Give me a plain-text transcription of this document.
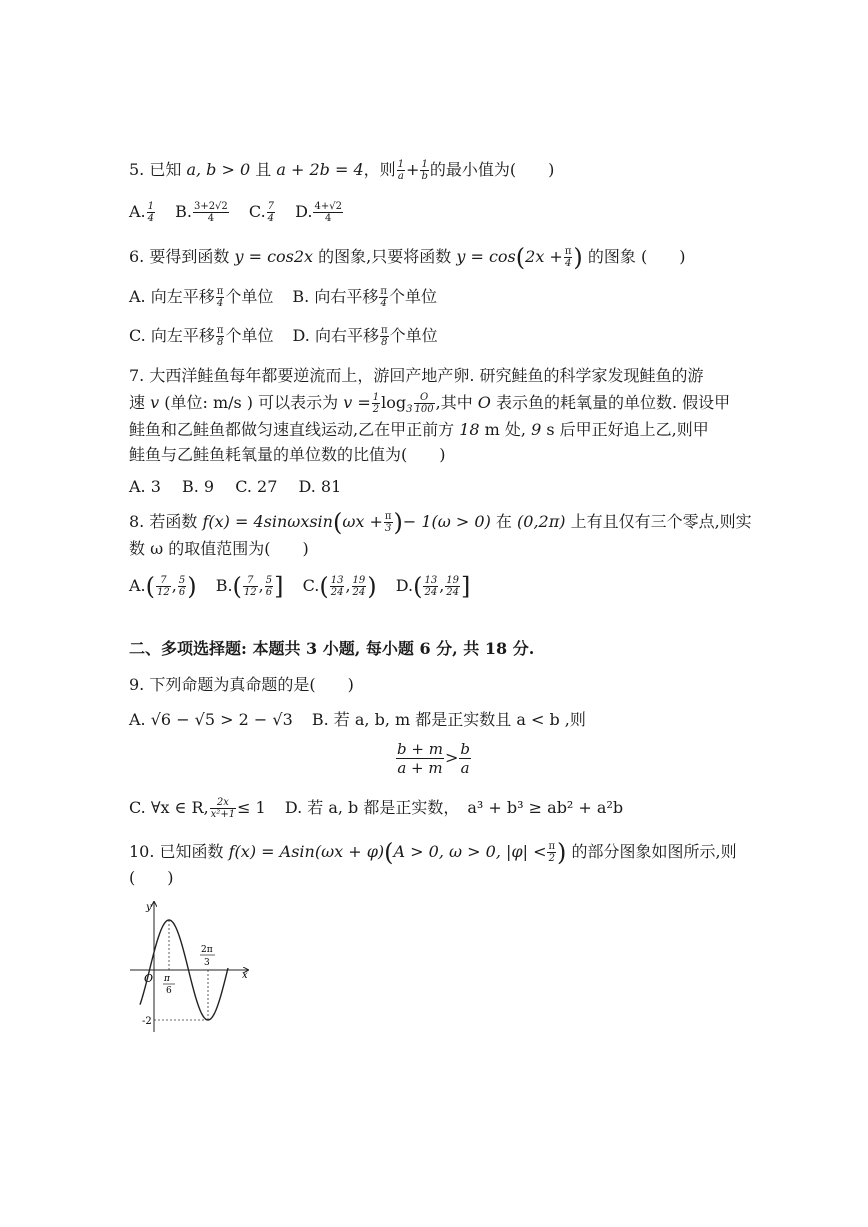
5. 已知 a, b > 0 且 a + 2b = 4，则 $\frac{1}{a} + \frac{1}{b}$ 的最小值为(　　)
A. $\frac{1}{4} B$. $\frac{3+2√2}{4} C$. $\frac{7}{4} D$. $\frac{4+√2}{4}$
6. 要得到函数 y = cos2x 的图象,只要将函数 $y = \cos(2x + \frac{\pi}{4}$ ) 的图象 (　　)
A. 向左平移 $\frac{\pi}{4}$ 个单位 B. 向右平移 $\frac{\pi}{4}$ 个单位
C. 向左平移 $\frac{\pi}{8}$ 个单位 D. 向右平移 $\frac{\pi}{8}$ 个单位
7. 大西洋鲑鱼每年都要逆流而上，游回产地产卵. 研究鲑鱼的科学家发现鲑鱼的游
速 v (单位: m/s ) 可以表示为 $v = \frac{1}{2} \log_3 \frac{O}{100}$ ,其中 O 表示鱼的耗氧量的单位数. 假设甲
鲑鱼和乙鲑鱼都做匀速直线运动,乙在甲正前方 18 m 处, 9 s 后甲正好追上乙,则甲
鲑鱼与乙鲑鱼耗氧量的单位数的比值为(　　)
A. 3　 B. 9　 C. 27　 D. 81
8. 若函数 $f(x) = 4\sin\omega xsin(\omega x + \frac{\pi}{3}$ )− 1(ω > 0) 在 (0,2π) 上有且仅有三个零点,则实
数 ω 的取值范围为(　　)
$A.( \frac{7}{12}$ , $\frac{5}{6}$ ) $B.( \frac{7}{12}$ , $\frac{5}{6}$ ] $C.( \frac{13}{24}$ , $\frac{19}{24}$ ) $D.( \frac{13}{24}$ , $\frac{19}{24}$ ]
二、多项选择题: 本题共 3 小题, 每小题 6 分, 共 18 分.
9. 下列命题为真命题的是(　　)
A. √6 − √5 > 2 − √3 B. 若 a, b, m 都是正实数且 a < b ,则
$\frac{b + m}{a + m} > \frac{b}{a}$
C. ∀x ∈ R, $\frac{2x}{\text{x²+1}} \le 1$ D. 若 a, b 都是正实数，　a³ + b³ ≥ ab² + a²b
10. 已知函数 f(x) = Asin(ωx + φ)(A > 0, ω > 0, $|\varphi| < \frac{\pi}{2}$ ) 的部分图象如图所示,则
(　　)
y
x
O π
6
2π
3
-2
